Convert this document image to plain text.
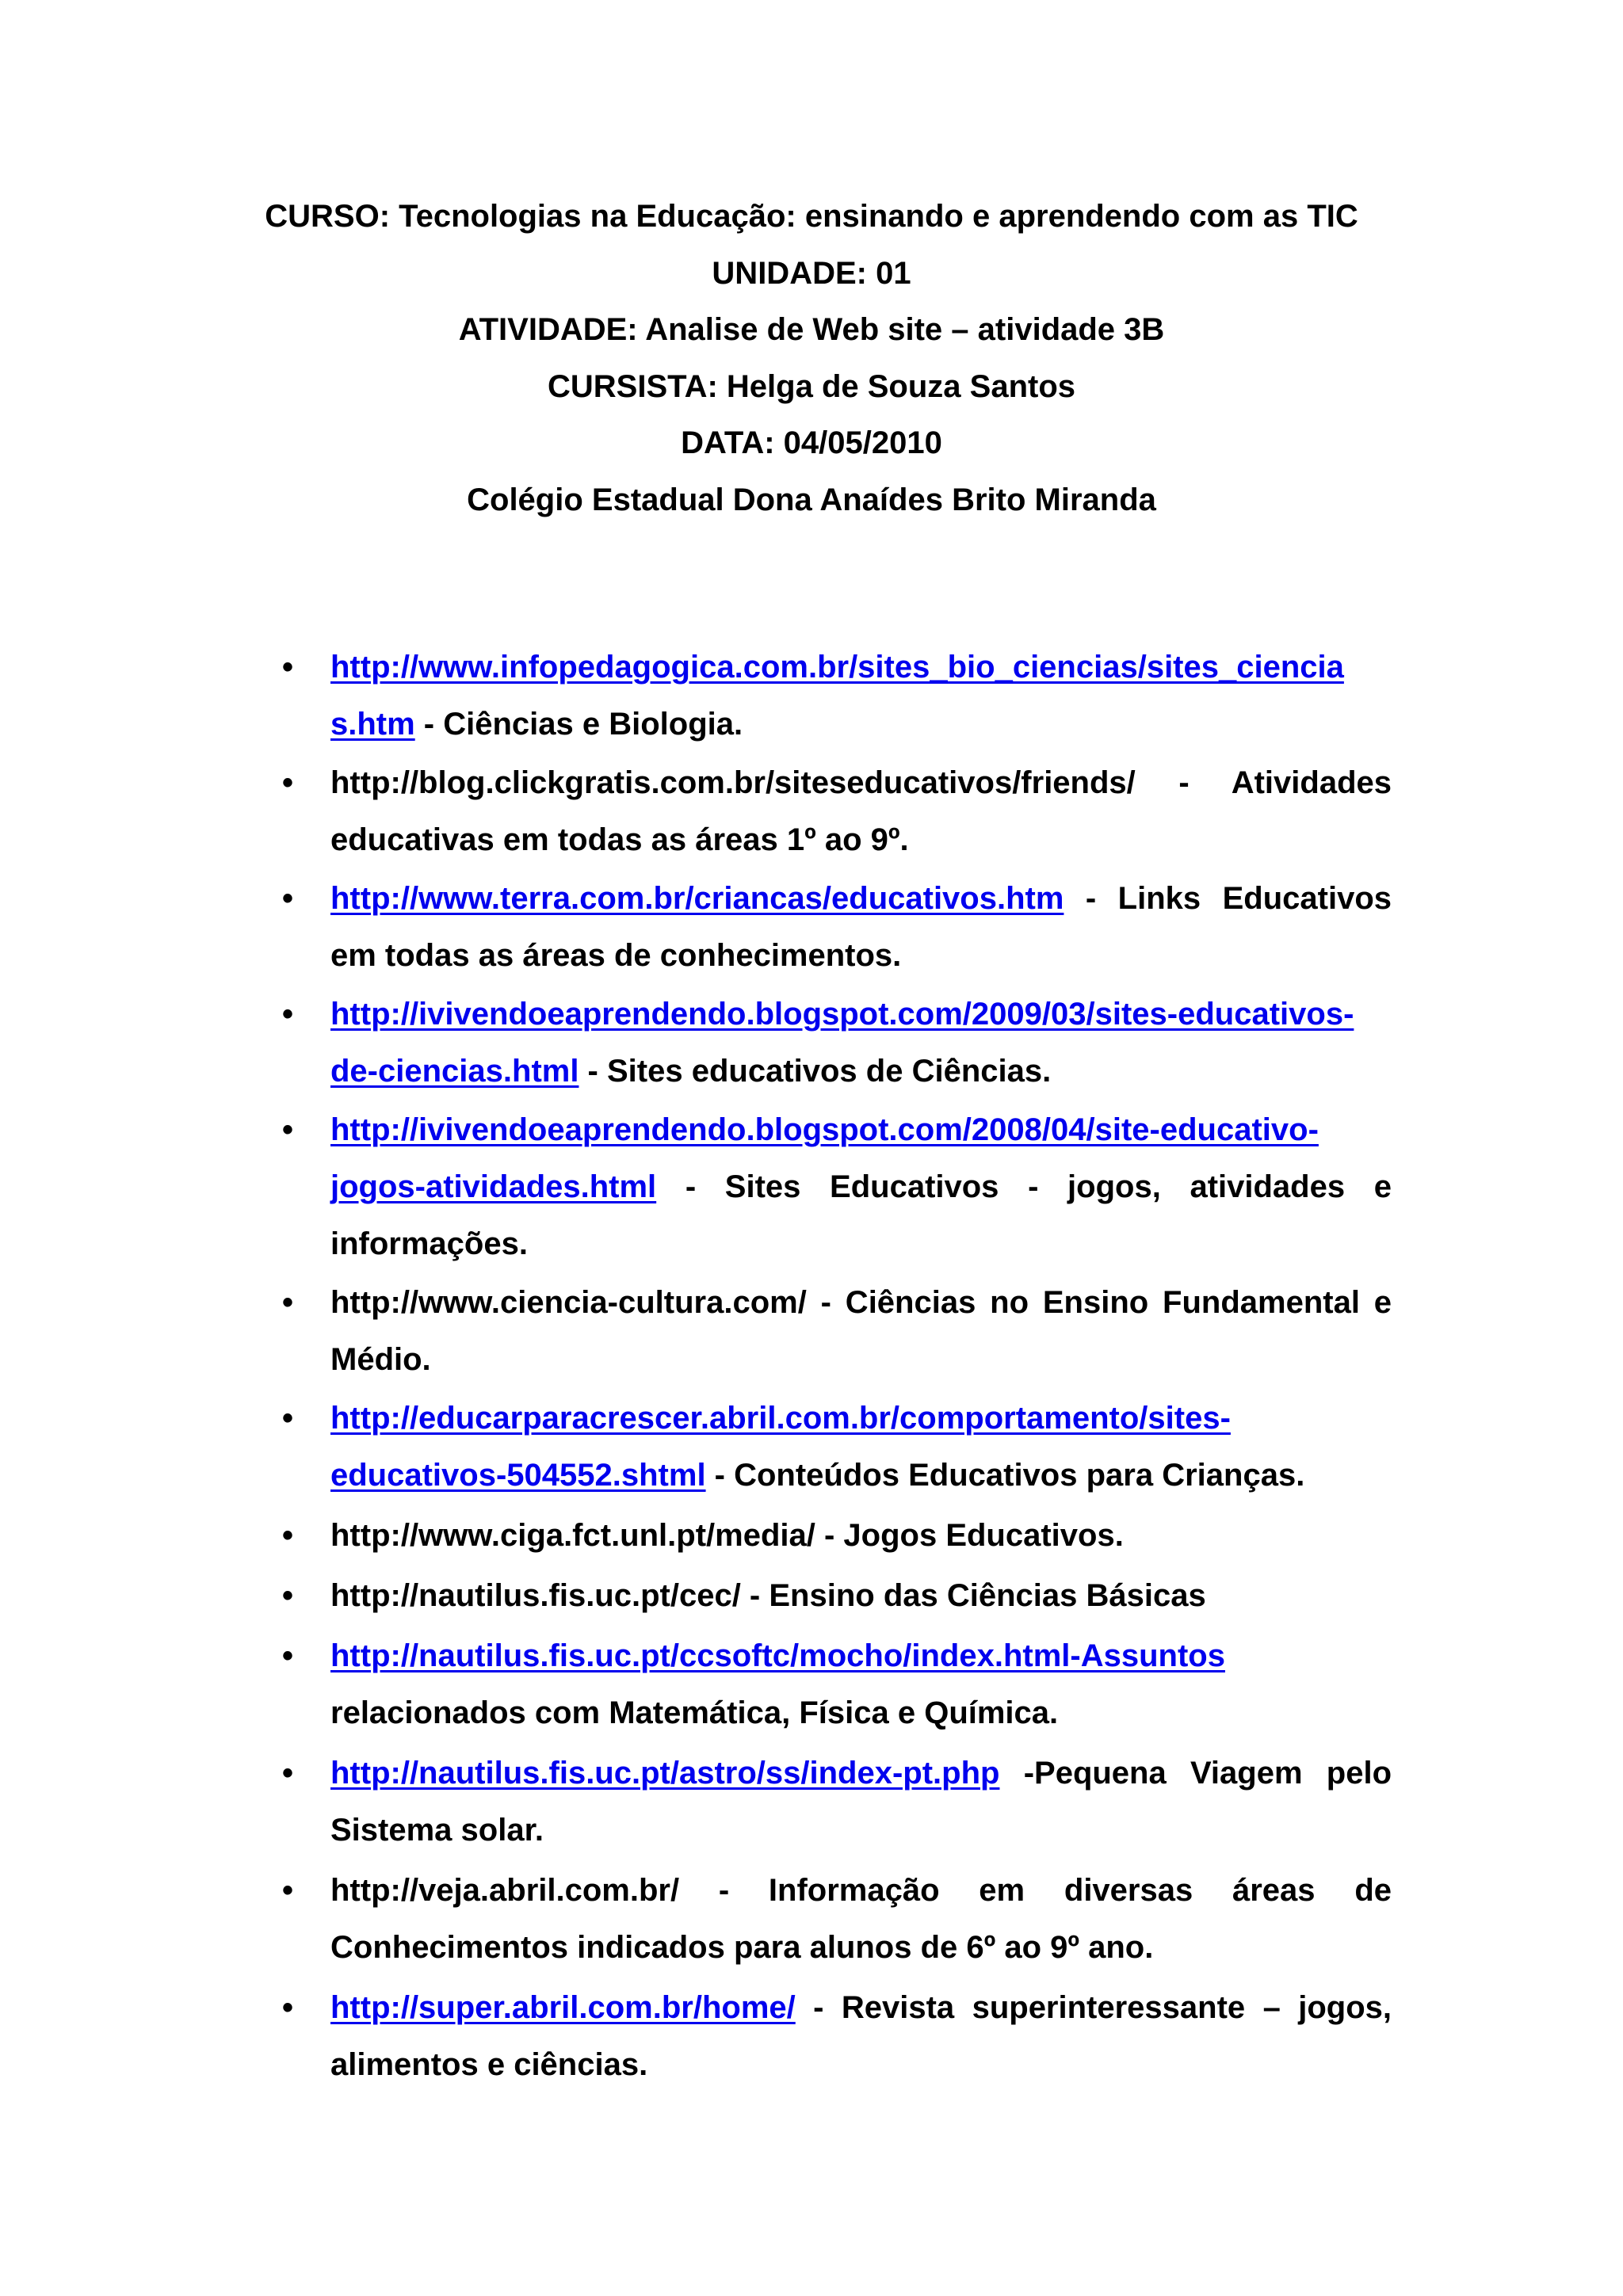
CURSO: Tecnologias na Educação: ensinando e aprendendo com as TIC
UNIDADE: 01
ATIVIDADE: Analise de Web site – atividade 3B
CURSISTA: Helga de Souza Santos
DATA: 04/05/2010
Colégio Estadual Dona Anaídes Brito Miranda
•	http://www.infopedagogica.com.br/sites_bio_ciencias/sites_ciencia
s.htm - Ciências e Biologia.
•	http://blog.clickgratis.com.br/siteseducativos/friends/ - Atividades educativas em todas as áreas 1º ao 9º.
•	http://www.terra.com.br/criancas/educativos.htm - Links Educativos em todas as áreas de conhecimentos.
•	http://ivivendoeaprendendo.blogspot.com/2009/03/sites-educativos-
de-ciencias.html - Sites educativos de Ciências.
•	http://ivivendoeaprendendo.blogspot.com/2008/04/site-educativo-
jogos-atividades.html - Sites Educativos - jogos, atividades e informações.
•	http://www.ciencia-cultura.com/ - Ciências no Ensino Fundamental e Médio.
•	http://educarparacrescer.abril.com.br/comportamento/sites-
educativos-504552.shtml - Conteúdos Educativos para Crianças.
•	http://www.ciga.fct.unl.pt/media/ - Jogos Educativos.
•	http://nautilus.fis.uc.pt/cec/ - Ensino das Ciências Básicas
•	http://nautilus.fis.uc.pt/ccsoftc/mocho/index.html-Assuntos
relacionados com Matemática, Física e Química.
•	http://nautilus.fis.uc.pt/astro/ss/index-pt.php -Pequena Viagem pelo Sistema solar.
•	http://veja.abril.com.br/ - Informação em diversas áreas de Conhecimentos indicados para alunos de 6º ao 9º ano.
•	http://super.abril.com.br/home/ - Revista superinteressante – jogos, alimentos e ciências.
